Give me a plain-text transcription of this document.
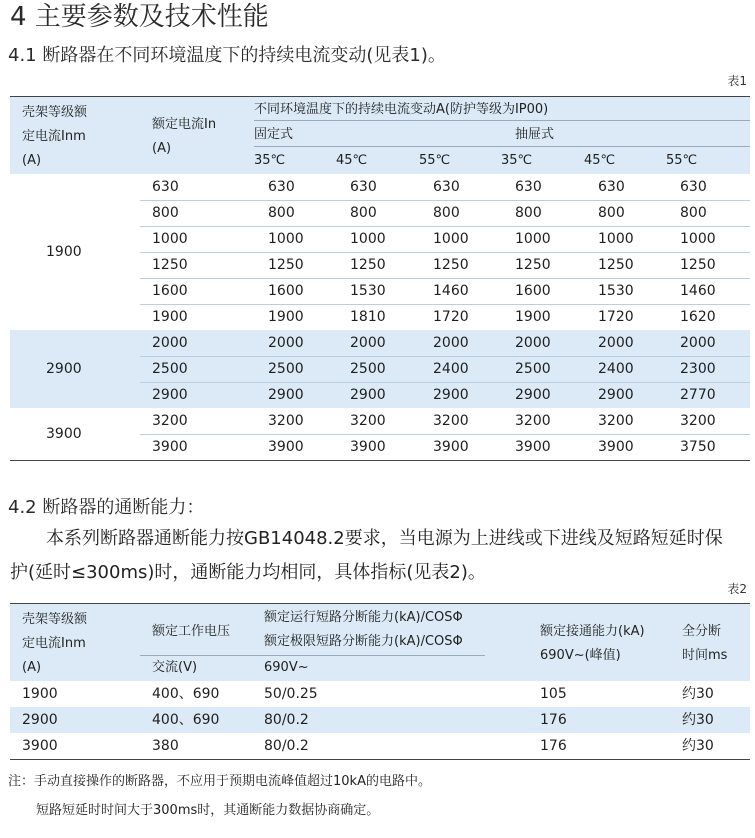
4 主要参数及技术性能
4.1 断路器在不同环境温度下的持续电流变动(见表1)。
表1
壳架等级额
定电流Inm
(A)
额定电流In
(A)
不同环境温度下的持续电流变动A(防护等级为IP00)
固定式	抽屉式
35℃	45℃	55℃	35℃	45℃	55℃
1900
630	630	630	630	630	630	630
800	800	800	800	800	800	800
1000	1000	1000	1000	1000	1000	1000
1250	1250	1250	1250	1250	1250	1250
1600	1600	1530	1460	1600	1530	1460
1900	1900	1810	1720	1900	1720	1620
2900
2000	2000	2000	2000	2000	2000	2000
2500	2500	2500	2400	2500	2400	2300
2900	2900	2900	2900	2900	2900	2770
3900
3200	3200	3200	3200	3200	3200	3200
3900	3900	3900	3900	3900	3900	3750
4.2 断路器的通断能力：
本系列断路器通断能力按GB14048.2要求，当电源为上进线或下进线及短路短延时保
护(延时≤300ms)时，通断能力均相同，具体指标(见表2)。
表2
壳架等级额
定电流Inm
(A)
额定工作电压
交流(V)
额定运行短路分断能力(kA)/COSΦ
额定极限短路分断能力(kA)/COSΦ
690V~
额定接通能力(kA)
690V~(峰值)
全分断
时间ms
1900	400、690	50/0.25	105	约30
2900	400、690	80/0.2	176	约30
3900	380	80/0.2	176	约30
注：手动直接操作的断路器，不应用于预期电流峰值超过10kA的电路中。
短路短延时时间大于300ms时，其通断能力数据协商确定。
